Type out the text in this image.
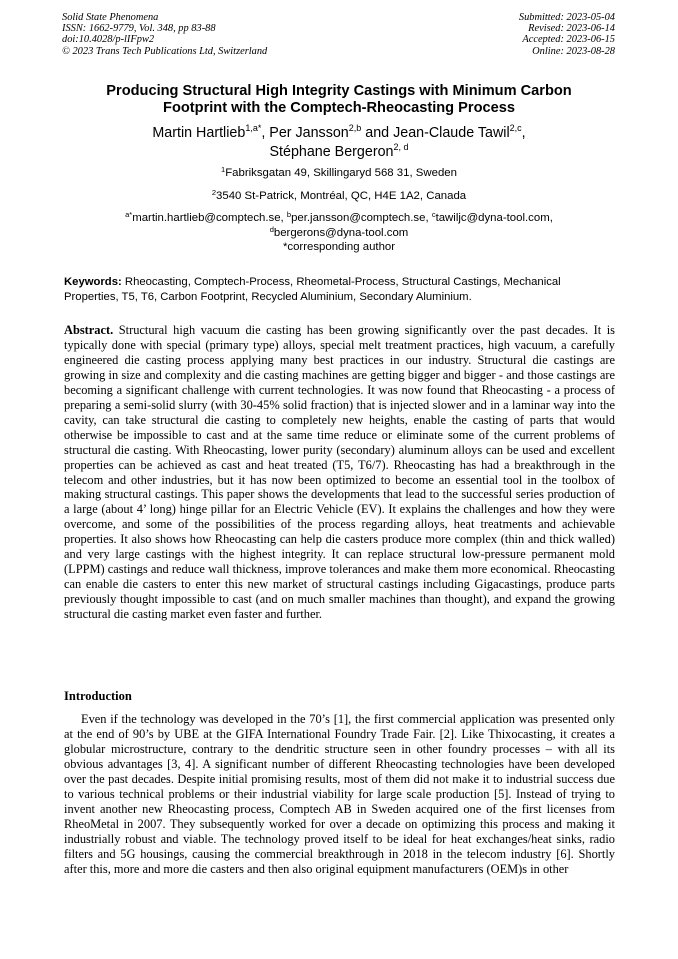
Solid State Phenomena
ISSN: 1662-9779, Vol. 348, pp 83-88
doi:10.4028/p-lIFpw2
© 2023 Trans Tech Publications Ltd, Switzerland
Submitted: 2023-05-04
Revised: 2023-06-14
Accepted: 2023-06-15
Online: 2023-08-28
Producing Structural High Integrity Castings with Minimum Carbon
Footprint with the Comptech-Rheocasting Process
Martin Hartlieb$^{1,a*}$, Per Jansson$^{2,b}$ and Jean-Claude Tawil$^{2,c}$,
Stéphane Bergeron$^{2, d}$
$^1$Fabriksgatan 49, Skillingaryd 568 31, Sweden
$^2$3540 St-Patrick, Montréal, QC, H4E 1A2, Canada
$^{a*}$martin.hartlieb@comptech.se, $^b$per.jansson@comptech.se, $^c$tawiljc@dyna-tool.com,
$^d$bergerons@dyna-tool.com
*corresponding author
Keywords: Rheocasting, Comptech-Process, Rheometal-Process, Structural Castings, Mechanical Properties, T5, T6, Carbon Footprint, Recycled Aluminium, Secondary Aluminium.
Abstract. Structural high vacuum die casting has been growing significantly over the past decades. It is typically done with special (primary type) alloys, special melt treatment practices, high vacuum, a carefully engineered die casting process applying many best practices in our industry. Structural die castings are growing in size and complexity and die casting machines are getting bigger and bigger - and those castings are becoming a significant challenge with current technologies. It was now found that Rheocasting - a process of preparing a semi-solid slurry (with 30-45% solid fraction) that is injected slower and in a laminar way into the cavity, can take structural die casting to completely new heights, enable the casting of parts that would otherwise be impossible to cast and at the same time reduce or eliminate some of the current problems of structural die casting. With Rheocasting, lower purity (secondary) aluminum alloys can be used and excellent properties can be achieved as cast and heat treated (T5, T6/7). Rheocasting has had a breakthrough in the telecom and other industries, but it has now been optimized to become an essential tool in the toolbox of making structural castings. This paper shows the developments that lead to the successful series production of a large (about 4’ long) hinge pillar for an Electric Vehicle (EV). It explains the challenges and how they were overcome, and some of the possibilities of the process regarding alloys, heat treatments and achievable properties. It also shows how Rheocasting can help die casters produce more complex (thin and thick walled) and very large castings with the highest integrity. It can replace structural low-pressure permanent mold (LPPM) castings and reduce wall thickness, improve tolerances and make them more economical. Rheocasting can enable die casters to enter this new market of structural castings including Gigacastings, produce parts previously thought impossible to cast (and on much smaller machines than thought), and expand the growing structural die casting market even faster and further.
Introduction

Even if the technology was developed in the 70’s [1], the first commercial application was presented only at the end of 90’s by UBE at the GIFA International Foundry Trade Fair. [2]. Like Thixocasting, it creates a globular microstructure, contrary to the dendritic structure seen in other foundry processes – with all its obvious advantages [3, 4]. A significant number of different Rheocasting technologies have been developed over the past decades. Despite initial promising results, most of them did not make it to industrial success due to various technical problems or their industrial viability for large scale production [5]. Instead of trying to invent another new Rheocasting process, Comptech AB in Sweden acquired one of the first licenses from RheoMetal in 2007. They subsequently worked for over a decade on optimizing this process and making it industrially robust and viable. The technology proved itself to be ideal for heat exchanges/heat sinks, radio filters and 5G housings, causing the commercial breakthrough in 2018 in the telecom industry [6]. Shortly after this, more and more die casters and then also original equipment manufacturers (OEM)s in other
